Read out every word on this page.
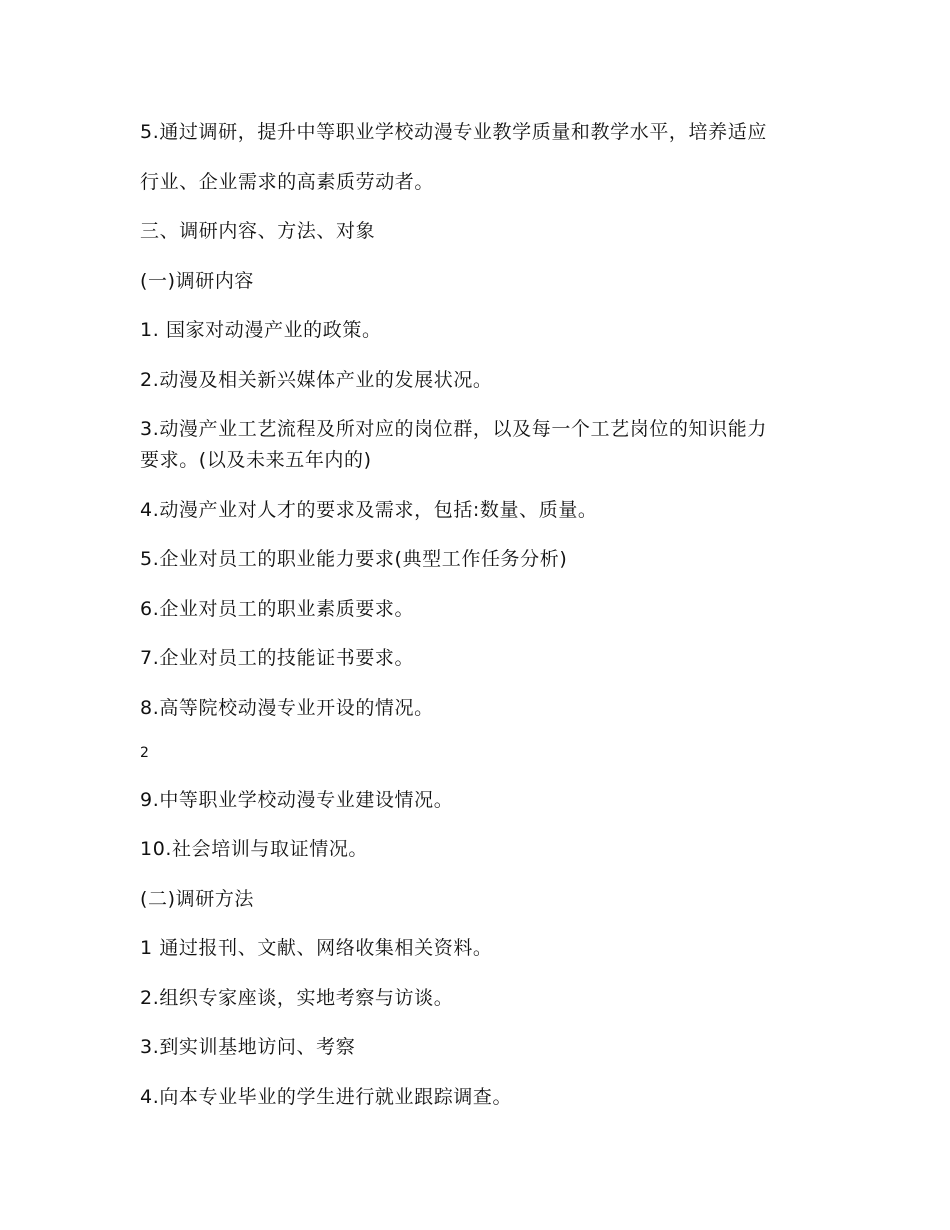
5.通过调研，提升中等职业学校动漫专业教学质量和教学水平，培养适应
行业、企业需求的高素质劳动者。
三、调研内容、方法、对象
(一)调研内容
1. 国家对动漫产业的政策。
2.动漫及相关新兴媒体产业的发展状况。
3.动漫产业工艺流程及所对应的岗位群，以及每一个工艺岗位的知识能力
要求。(以及未来五年内的)
4.动漫产业对人才的要求及需求，包括:数量、质量。
5.企业对员工的职业能力要求(典型工作任务分析)
6.企业对员工的职业素质要求。
7.企业对员工的技能证书要求。
8.高等院校动漫专业开设的情况。
2
9.中等职业学校动漫专业建设情况。
10.社会培训与取证情况。
(二)调研方法
1 通过报刊、文献、网络收集相关资料。
2.组织专家座谈，实地考察与访谈。
3.到实训基地访问、考察
4.向本专业毕业的学生进行就业跟踪调查。
